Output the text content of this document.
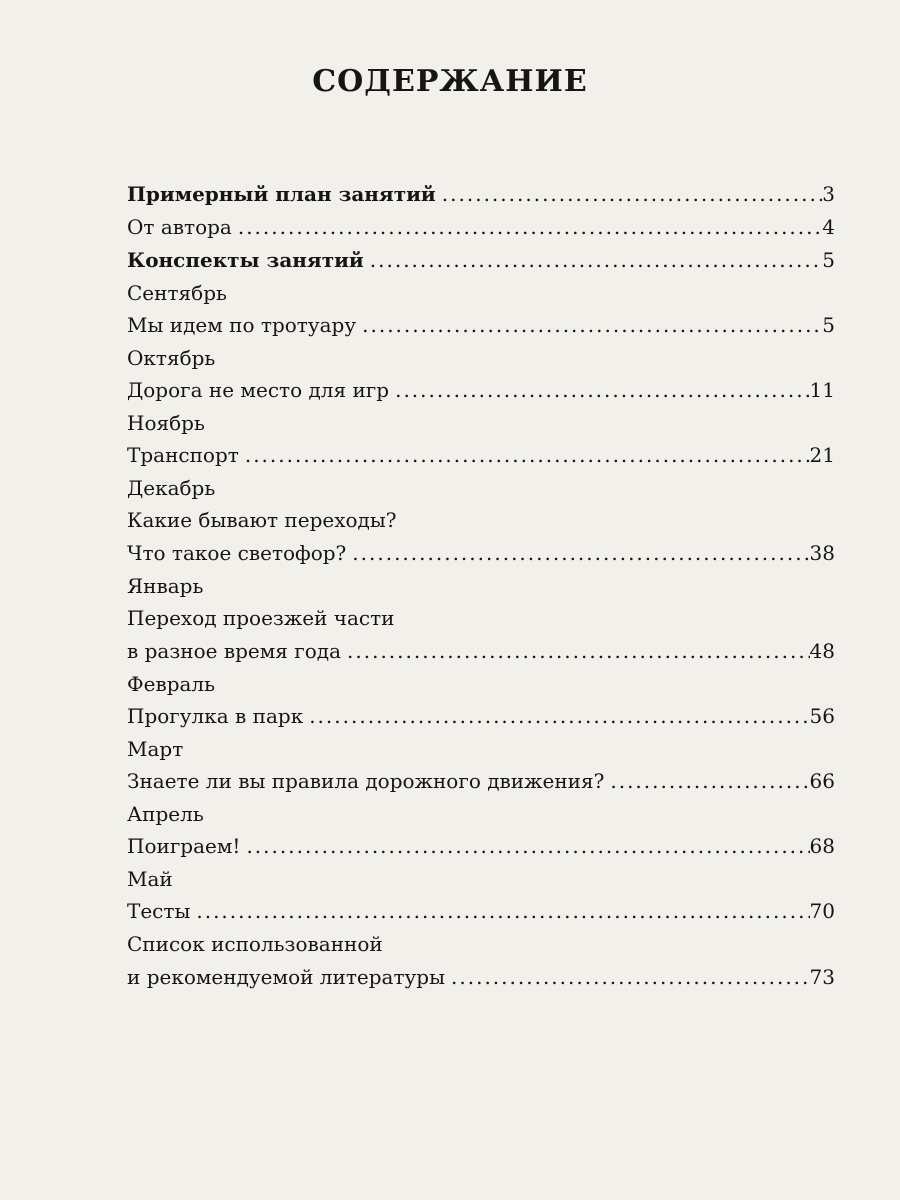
СОДЕРЖАНИЕ
Примерный план занятий .....	3
От автора .....	4
Конспекты занятий .....	5
Сентябрь
Мы идем по тротуару .....	5
Октябрь
Дорога не место для игр .....	11
Ноябрь
Транспорт .....	21
Декабрь
Какие бывают переходы?
Что такое светофор? .....	38
Январь
Переход проезжей части
в разное время года .....	48
Февраль
Прогулка в парк .....	56
Март
Знаете ли вы правила дорожного движения? .....	66
Апрель
Поиграем! .....	68
Май
Тесты .....	70
Список использованной
и рекомендуемой литературы .....	73
